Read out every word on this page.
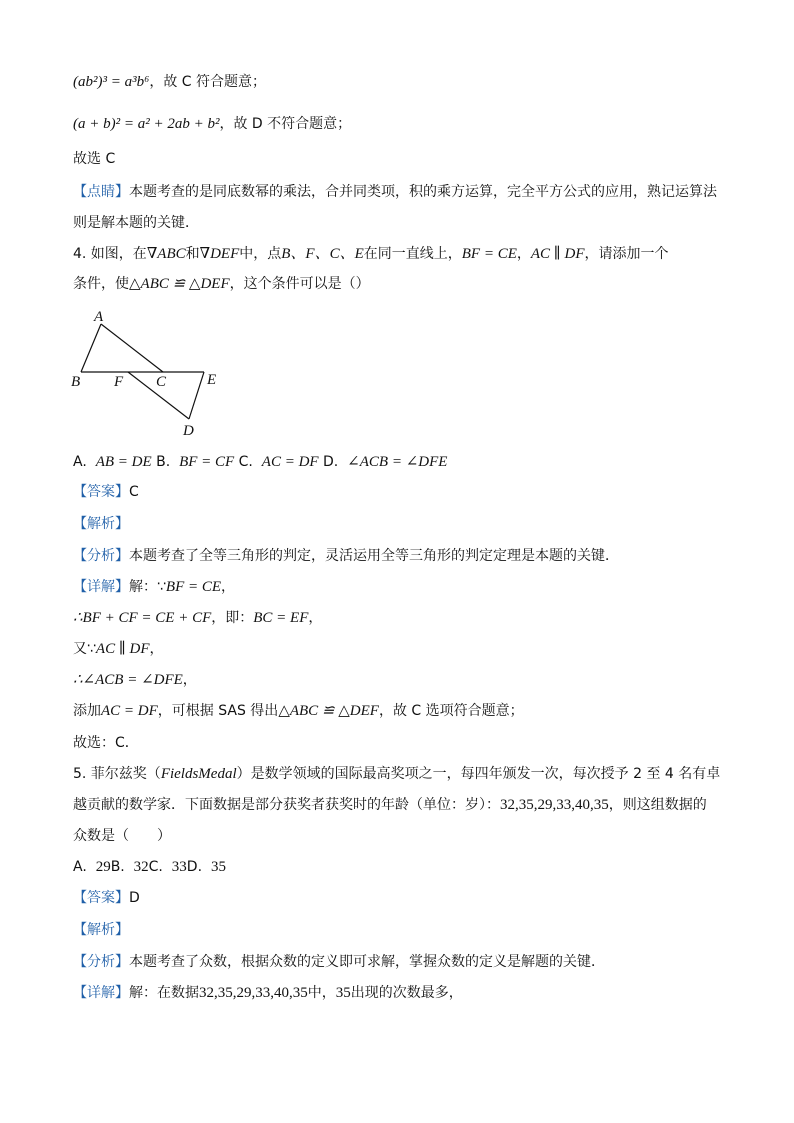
(ab²)³ = a³b⁶，故 C 符合题意；
(a + b)² = a² + 2ab + b²，故 D 不符合题意；
故选 C
【点睛】本题考查的是同底数幂的乘法，合并同类项，积的乘方运算，完全平方公式的应用，熟记运算法
则是解本题的关键．
4. 如图，在∇ABC和∇DEF中，点B、F、C、E在同一直线上，BF = CE，AC ∥ DF，请添加一个
条件，使△ABC ≌ △DEF，这个条件可以是（）
A
B F C	E
D
A. AB = DE B. BF = CF C. AC = DF D. ∠ACB = ∠DFE
【答案】C
【解析】
【分析】本题考查了全等三角形的判定，灵活运用全等三角形的判定定理是本题的关键．
【详解】解：∵BF = CE，
∴BF + CF = CE + CF，即：BC = EF，
又∵AC ∥ DF，
∴∠ACB = ∠DFE，
添加AC = DF，可根据 SAS 得出△ABC ≌ △DEF，故 C 选项符合题意；
故选：C．
5. 菲尔兹奖（FieldsMedal）是数学领域的国际最高奖项之一，每四年颁发一次，每次授予 2 至 4 名有卓
越贡献的数学家．下面数据是部分获奖者获奖时的年龄（单位：岁）：32,35,29,33,40,35，则这组数据的
众数是（　　）
A. 29B. 32C. 33D. 35
【答案】D
【解析】
【分析】本题考查了众数，根据众数的定义即可求解，掌握众数的定义是解题的关键．
【详解】解：在数据32,35,29,33,40,35中，35出现的次数最多，
